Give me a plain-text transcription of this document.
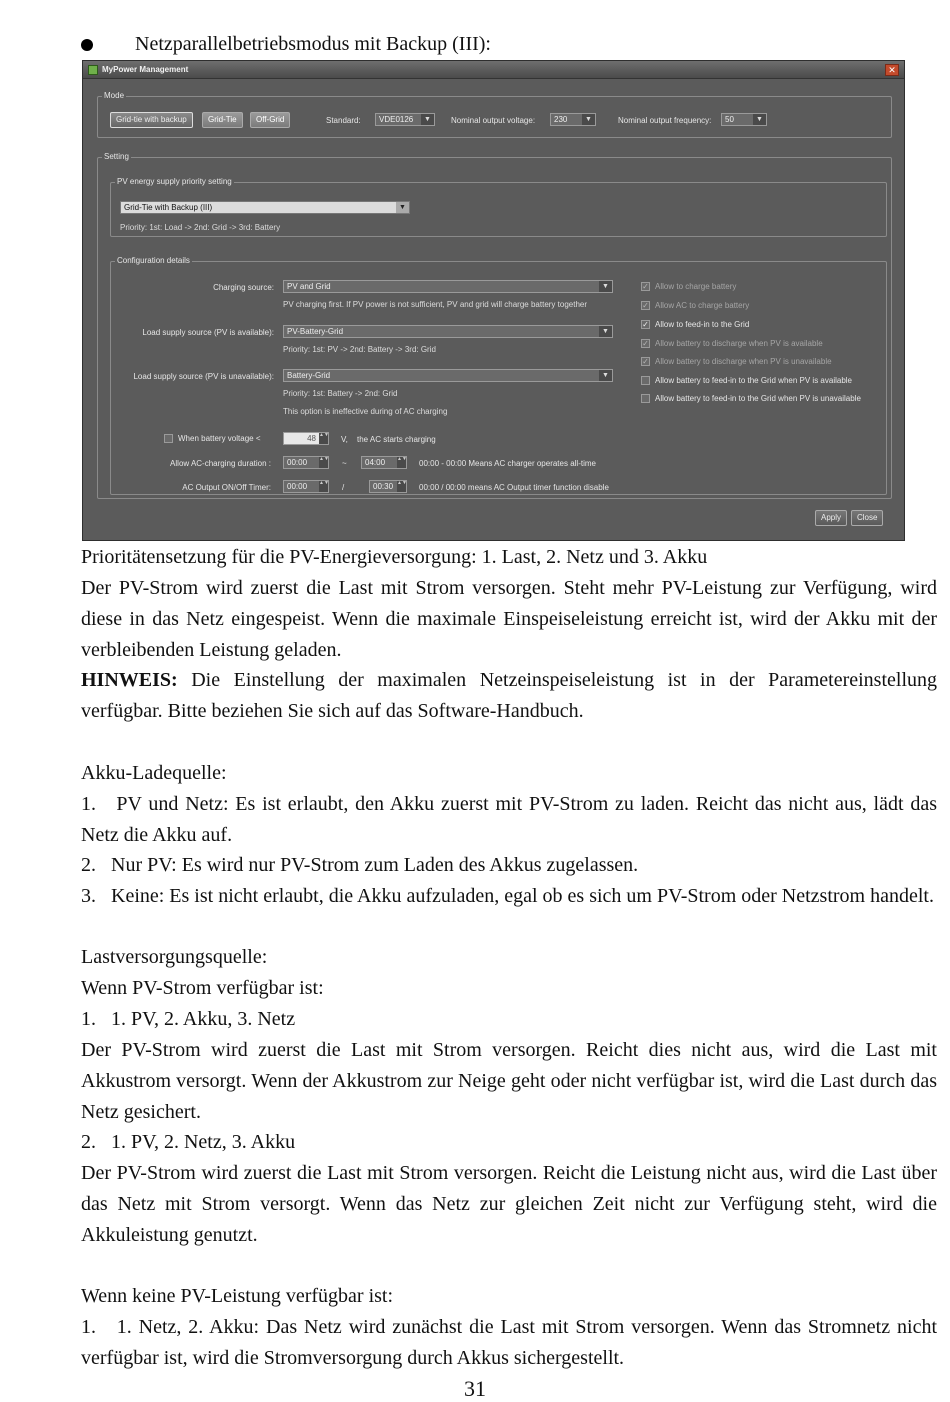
Netzparallelbetriebsmodus mit Backup (III):
MyPower Management	✕
Mode
Grid-tie with backup	Grid-Tie	Off-Grid	Standard:	VDE0126	▼	Nominal output voltage:	230	▼	Nominal output frequency:	50	▼
Setting
PV energy supply priority setting
Grid-Tie with Backup (III)	▼
Priority: 1st: Load -> 2nd: Grid -> 3rd: Battery
Configuration details
Charging source:	PV and Grid	▼
PV charging first. If PV power is not sufficient, PV and grid will charge battery together
Load supply source (PV is available):	PV-Battery-Grid	▼
Priority: 1st: PV -> 2nd: Battery -> 3rd: Grid
Load supply source (PV is unavailable):	Battery-Grid	▼
Priority: 1st: Battery -> 2nd: Grid
This option is ineffective during of AC charging
✓ Allow to charge battery
✓ Allow AC to charge battery
✓ Allow to feed-in to the Grid
✓ Allow battery to discharge when PV is available
✓ Allow battery to discharge when PV is unavailable
Allow battery to feed-in to the Grid when PV is available
Allow battery to feed-in to the Grid when PV is unavailable
When battery voltage <	48 ▲▼ V, the AC starts charging
Allow AC-charging duration :	00:00 ▲▼ ~	04:00 ▲▼ 00:00 - 00:00 Means AC charger operates all-time
AC Output ON/Off Timer:	00:00 ▲▼ /	00:30 ▲▼ 00:00 / 00:00 means AC Output timer function disable
Apply	Close
Prioritätensetzung für die PV-Energieversorgung: 1. Last, 2. Netz und 3. Akku
Der PV-Strom wird zuerst die Last mit Strom versorgen. Steht mehr PV-Leistung zur Verfügung, wird diese in das Netz eingespeist. Wenn die maximale Einspeiseleistung erreicht ist, wird der Akku mit der verbleibenden Leistung geladen.
HINWEIS: Die Einstellung der maximalen Netzeinspeiseleistung ist in der Parametereinstellung verfügbar. Bitte beziehen Sie sich auf das Software-Handbuch.
Akku-Ladequelle:
1.   PV und Netz: Es ist erlaubt, den Akku zuerst mit PV-Strom zu laden. Reicht das nicht aus, lädt das Netz die Akku auf.
2.   Nur PV: Es wird nur PV-Strom zum Laden des Akkus zugelassen.
3.   Keine: Es ist nicht erlaubt, die Akku aufzuladen, egal ob es sich um PV-Strom oder Netzstrom handelt.
Lastversorgungsquelle:
Wenn PV-Strom verfügbar ist:
1.   1. PV, 2. Akku, 3. Netz
Der PV-Strom wird zuerst die Last mit Strom versorgen. Reicht dies nicht aus, wird die Last mit Akkustrom versorgt. Wenn der Akkustrom zur Neige geht oder nicht verfügbar ist, wird die Last durch das Netz gesichert.
2.   1. PV, 2. Netz, 3. Akku
Der PV-Strom wird zuerst die Last mit Strom versorgen. Reicht die Leistung nicht aus, wird die Last über das Netz mit Strom versorgt. Wenn das Netz zur gleichen Zeit nicht zur Verfügung steht, wird die Akkuleistung genutzt.
Wenn keine PV-Leistung verfügbar ist:
1.   1. Netz, 2. Akku: Das Netz wird zunächst die Last mit Strom versorgen. Wenn das Stromnetz nicht verfügbar ist, wird die Stromversorgung durch Akkus sichergestellt.
31
